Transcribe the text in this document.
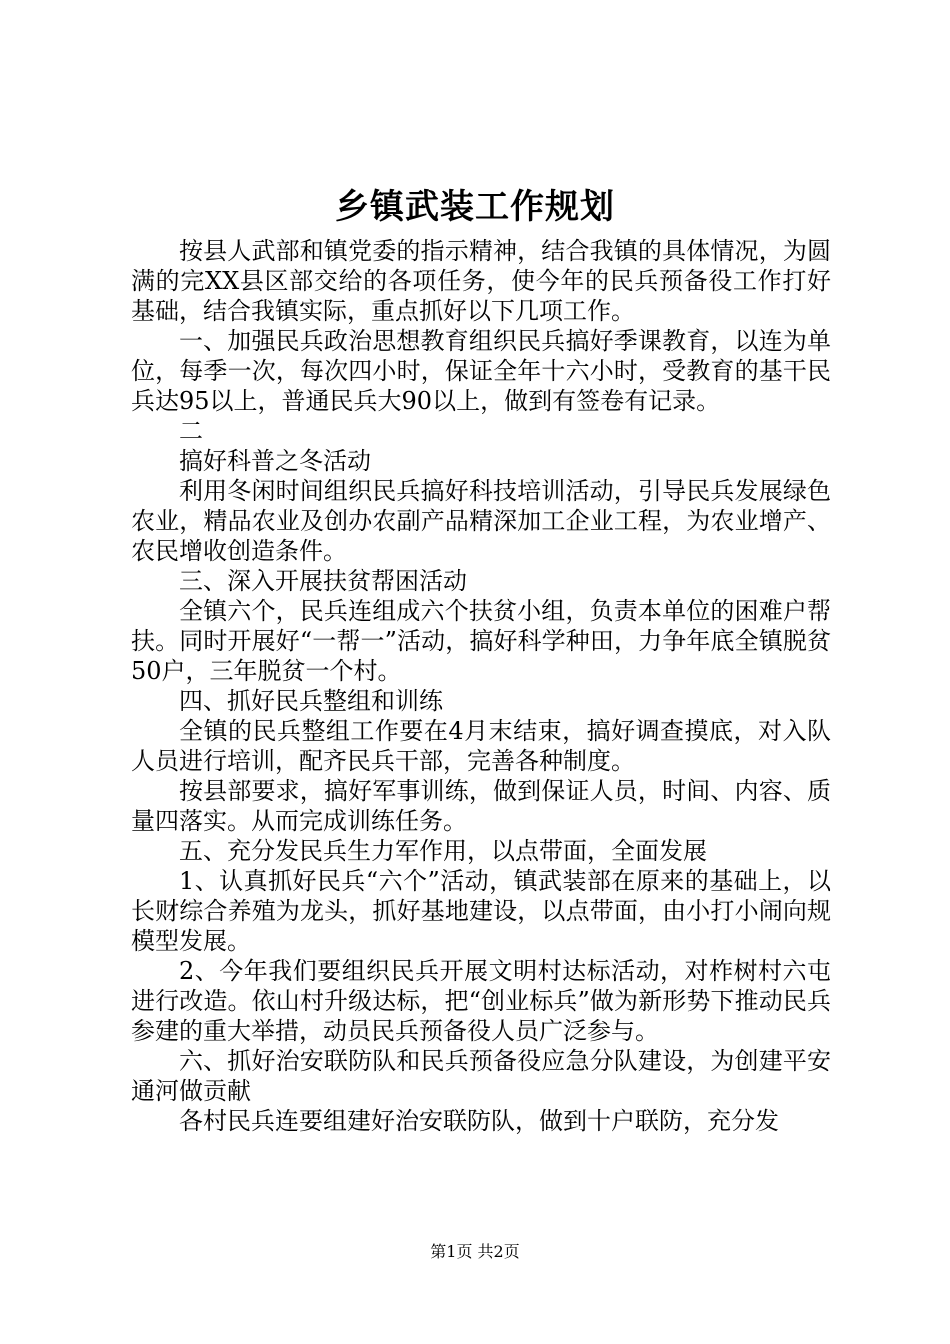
乡镇武装工作规划

按县人武部和镇党委的指示精神，结合我镇的具体情况，为圆满的完XX县区部交给的各项任务，使今年的民兵预备役工作打好基础，结合我镇实际，重点抓好以下几项工作。

一、加强民兵政治思想教育组织民兵搞好季课教育，以连为单位，每季一次，每次四小时，保证全年十六小时，受教育的基干民兵达95以上，普通民兵大90以上，做到有签卷有记录。

二

搞好科普之冬活动

利用冬闲时间组织民兵搞好科技培训活动，引导民兵发展绿色农业，精品农业及创办农副产品精深加工企业工程，为农业增产、农民增收创造条件。

三、深入开展扶贫帮困活动

全镇六个，民兵连组成六个扶贫小组，负责本单位的困难户帮扶。同时开展好“一帮一”活动，搞好科学种田，力争年底全镇脱贫50户，三年脱贫一个村。

四、抓好民兵整组和训练

全镇的民兵整组工作要在4月末结束，搞好调查摸底，对入队人员进行培训，配齐民兵干部，完善各种制度。

按县部要求，搞好军事训练，做到保证人员，时间、内容、质量四落实。从而完成训练任务。

五、充分发民兵生力军作用，以点带面，全面发展

1、认真抓好民兵“六个”活动，镇武装部在原来的基础上，以长财综合养殖为龙头，抓好基地建设，以点带面，由小打小闹向规模型发展。

2、今年我们要组织民兵开展文明村达标活动，对柞树村六屯进行改造。依山村升级达标，把“创业标兵”做为新形势下推动民兵参建的重大举措，动员民兵预备役人员广泛参与。

六、抓好治安联防队和民兵预备役应急分队建设，为创建平安通河做贡献

各村民兵连要组建好治安联防队，做到十户联防，充分发

第1页 共2页
